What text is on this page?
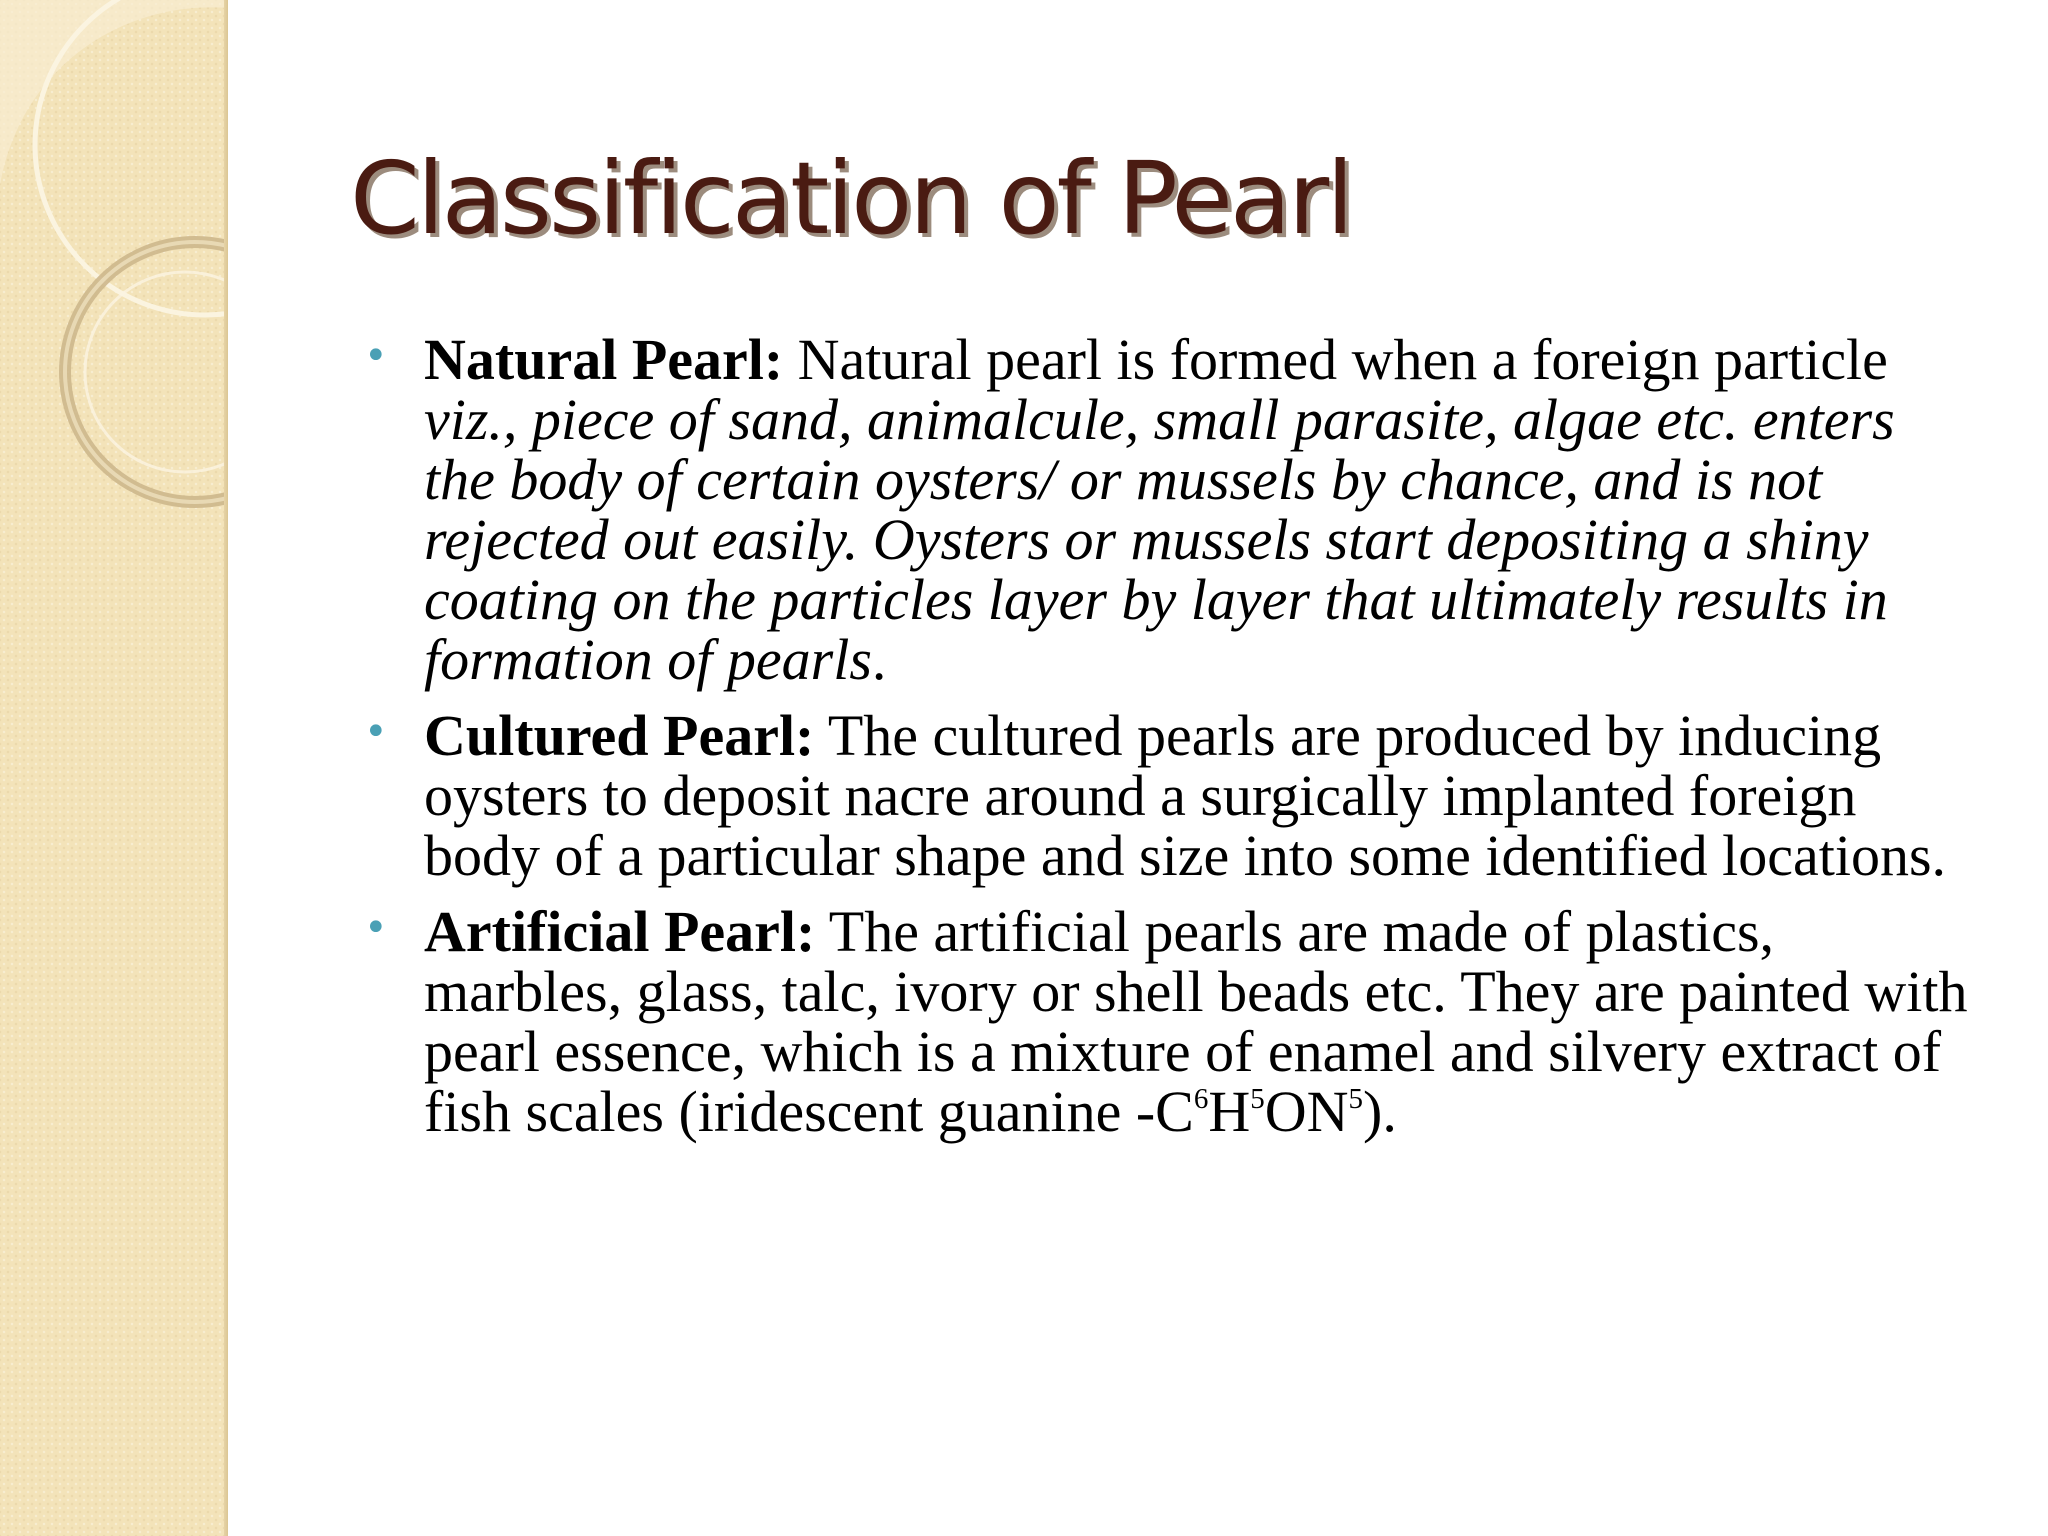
Classification of Pearl
• Natural Pearl: Natural pearl is formed when a foreign particle viz., piece of sand, animalcule, small parasite, algae etc. enters the body of certain oysters/ or mussels by chance, and is not rejected out easily. Oysters or mussels start depositing a shiny coating on the particles layer by layer that ultimately results in formation of pearls.
• Cultured Pearl: The cultured pearls are produced by inducing oysters to deposit nacre around a surgically implanted foreign body of a particular shape and size into some identified locations.
• Artificial Pearl: The artificial pearls are made of plastics, marbles, glass, talc, ivory or shell beads etc. They are painted with pearl essence, which is a mixture of enamel and silvery extract of fish scales (iridescent guanine $-C^6H^5ON^5$).
